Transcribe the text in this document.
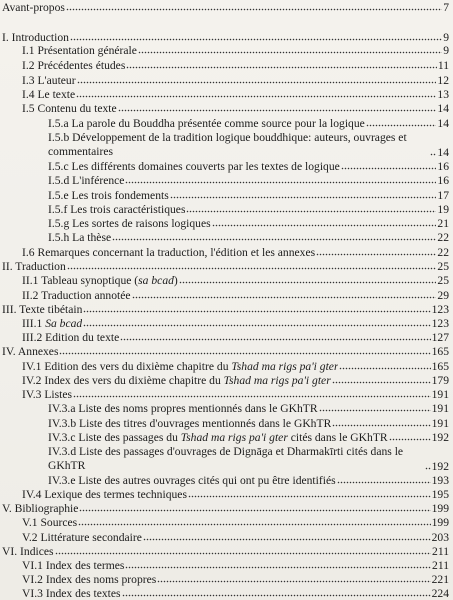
Avant-propos	7
I. Introduction	9
I.1 Présentation générale	9
I.2 Précédentes études	11
I.3 L'auteur	12
I.4 Le texte	13
I.5 Contenu du texte	14
I.5.a La parole du Bouddha présentée comme source pour la logique	14
I.5.b Développement de la tradition logique bouddhique: auteurs, ouvrages et commentaires	14
I.5.c Les différents domaines couverts par les textes de logique	16
I.5.d L'inférence	16
I.5.e Les trois fondements	17
I.5.f Les trois caractéristiques	19
I.5.g Les sortes de raisons logiques	21
I.5.h La thèse	22
I.6 Remarques concernant la traduction, l'édition et les annexes	22
II. Traduction	25
II.1 Tableau synoptique (sa bcad)	25
II.2 Traduction annotée	29
III. Texte tibétain	123
III.1 Sa bcad	123
III.2 Edition du texte	127
IV. Annexes	165
IV.1 Edition des vers du dixième chapitre du Tshad ma rigs pa'i gter	165
IV.2 Index des vers du dixième chapitre du Tshad ma rigs pa'i gter	179
IV.3 Listes	191
IV.3.a Liste des noms propres mentionnés dans le GKhTR	191
IV.3.b Liste des titres d'ouvrages mentionnés dans le GKhTR	191
IV.3.c Liste des passages du Tshad ma rigs pa'i gter cités dans le GKhTR	192
IV.3.d Liste des passages d'ouvrages de Dignāga et Dharmakīrti cités dans le GKhTR	192
IV.3.e Liste des autres ouvrages cités qui ont pu être identifiés	193
IV.4 Lexique des termes techniques	195
V. Bibliographie	199
V.1 Sources	199
V.2 Littérature secondaire	203
VI. Indices	211
VI.1 Index des termes	211
VI.2 Index des noms propres	221
VI.3 Index des textes	224
